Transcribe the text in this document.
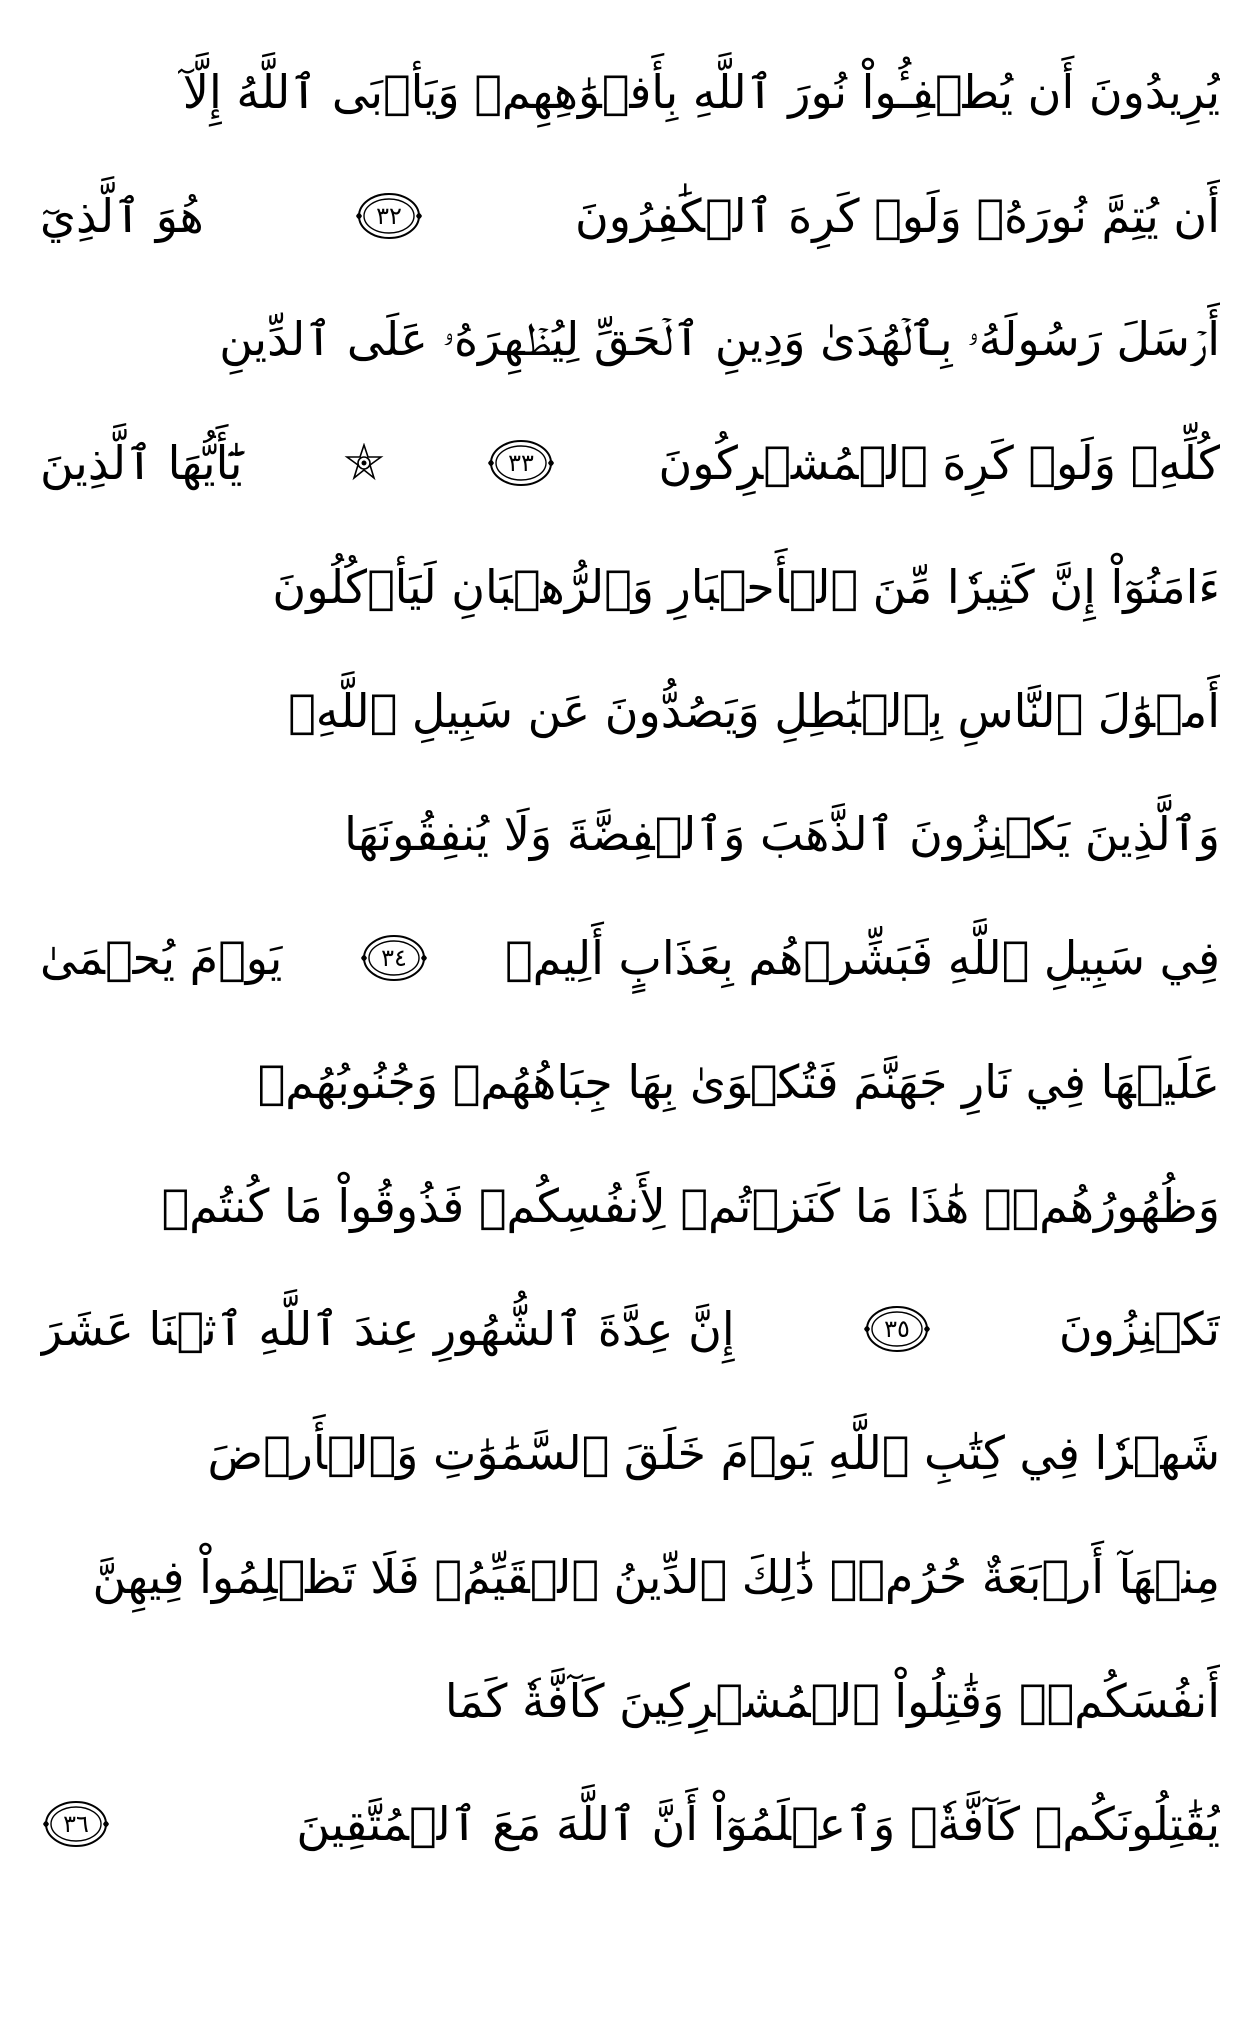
يُرِيدُونَ أَن يُطۡفِـُٔواْ نُورَ ٱللَّهِ بِأَفۡوَٰهِهِمۡ وَيَأۡبَى ٱللَّهُ إِلَّآ
أَن يُتِمَّ نُورَهُۥ وَلَوۡ كَرِهَ ٱلۡكَٰفِرُونَ
٣٢
هُوَ ٱلَّذِيٓ
أَرۡسَلَ رَسُولَهُۥ بِٱلۡهُدَىٰ وَدِينِ ٱلۡحَقِّ لِيُظۡهِرَهُۥ عَلَى ٱلدِّينِ
كُلِّهِۦ وَلَوۡ كَرِهَ ٱلۡمُشۡرِكُونَ
٣٣
يَٰٓأَيُّهَا ٱلَّذِينَ
ءَامَنُوٓاْ إِنَّ كَثِيرٗا مِّنَ ٱلۡأَحۡبَارِ وَٱلرُّهۡبَانِ لَيَأۡكُلُونَ
أَمۡوَٰلَ ٱلنَّاسِ بِٱلۡبَٰطِلِ وَيَصُدُّونَ عَن سَبِيلِ ٱللَّهِۗ
وَٱلَّذِينَ يَكۡنِزُونَ ٱلذَّهَبَ وَٱلۡفِضَّةَ وَلَا يُنفِقُونَهَا
فِي سَبِيلِ ٱللَّهِ فَبَشِّرۡهُم بِعَذَابٍ أَلِيمٖ
٣٤
يَوۡمَ يُحۡمَىٰ
عَلَيۡهَا فِي نَارِ جَهَنَّمَ فَتُكۡوَىٰ بِهَا جِبَاهُهُمۡ وَجُنُوبُهُمۡ
وَظُهُورُهُمۡۖ هَٰذَا مَا كَنَزۡتُمۡ لِأَنفُسِكُمۡ فَذُوقُواْ مَا كُنتُمۡ
تَكۡنِزُونَ
٣٥
إِنَّ عِدَّةَ ٱلشُّهُورِ عِندَ ٱللَّهِ ٱثۡنَا عَشَرَ
شَهۡرٗا فِي كِتَٰبِ ٱللَّهِ يَوۡمَ خَلَقَ ٱلسَّمَٰوَٰتِ وَٱلۡأَرۡضَ
مِنۡهَآ أَرۡبَعَةٌ حُرُمٞۚ ذَٰلِكَ ٱلدِّينُ ٱلۡقَيِّمُۚ فَلَا تَظۡلِمُواْ فِيهِنَّ
أَنفُسَكُمۡۚ وَقَٰتِلُواْ ٱلۡمُشۡرِكِينَ كَآفَّةٗ كَمَا
يُقَٰتِلُونَكُمۡ كَآفَّةٗۚ وَٱعۡلَمُوٓاْ أَنَّ ٱللَّهَ مَعَ ٱلۡمُتَّقِينَ
٣٦
